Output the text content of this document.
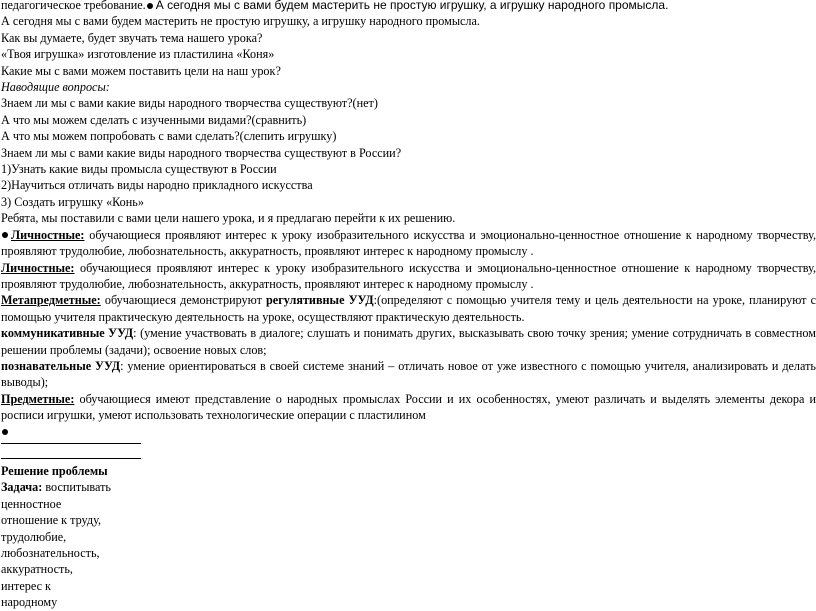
педагогическое требование. А сегодня мы с вами будем мастерить не простую игрушку, а игрушку народного промысла.

А сегодня мы с вами будем мастерить не простую игрушку, а игрушку народного промысла.

Как вы думаете, будет звучать тема нашего урока?

«Твоя игрушка» изготовление из пластилина «Коня»

Какие мы с вами можем поставить цели на наш урок?

Наводящие вопросы:

Знаем ли мы с вами какие виды народного творчества существуют?(нет)

А что мы можем сделать с изученными видами?(сравнить)

А что мы можем попробовать с вами сделать?(слепить игрушку)

Знаем ли мы с вами какие виды народного творчества существуют в России?

1)Узнать какие виды промысла существуют в России

2)Научиться отличать виды народно прикладного искусства

3) Создать игрушку «Конь»

Ребята, мы поставили с вами цели нашего урока, и я предлагаю перейти к их решению.

Личностные: обучающиеся проявляют интерес к уроку изобразительного искусства и эмоционально-ценностное отношение к народному творчеству, проявляют трудолюбие, любознательность, аккуратность, проявляют интерес к народному промыслу .

Личностные: обучающиеся проявляют интерес к уроку изобразительного искусства и эмоционально-ценностное отношение к народному творчеству, проявляют трудолюбие, любознательность, аккуратность, проявляют интерес к народному промыслу .

Метапредметные: обучающиеся демонстрируют регулятивные УУД:(определяют с помощью учителя тему и цель деятельности на уроке, планируют с помощью учителя практическую деятельность на уроке, осуществляют практическую деятельность.

коммуникативные УУД: (умение участвовать в диалоге; слушать и понимать других, высказывать свою точку зрения; умение сотрудничать в совместном решении проблемы (задачи); освоение новых слов;

познавательные УУД: умение ориентироваться в своей системе знаний – отличать новое от уже известного с помощью учителя, анализировать и делать выводы);

Предметные: обучающиеся имеют представление о народных промыслах России и их особенностях, умеют различать и выделять элементы декора и росписи игрушки, умеют использовать технологические операции с пластилином

Решение проблемы

Задача: воспитывать

ценностное

отношение к труду,

трудолюбие,

любознательность,

аккуратность,

интерес к

народному
